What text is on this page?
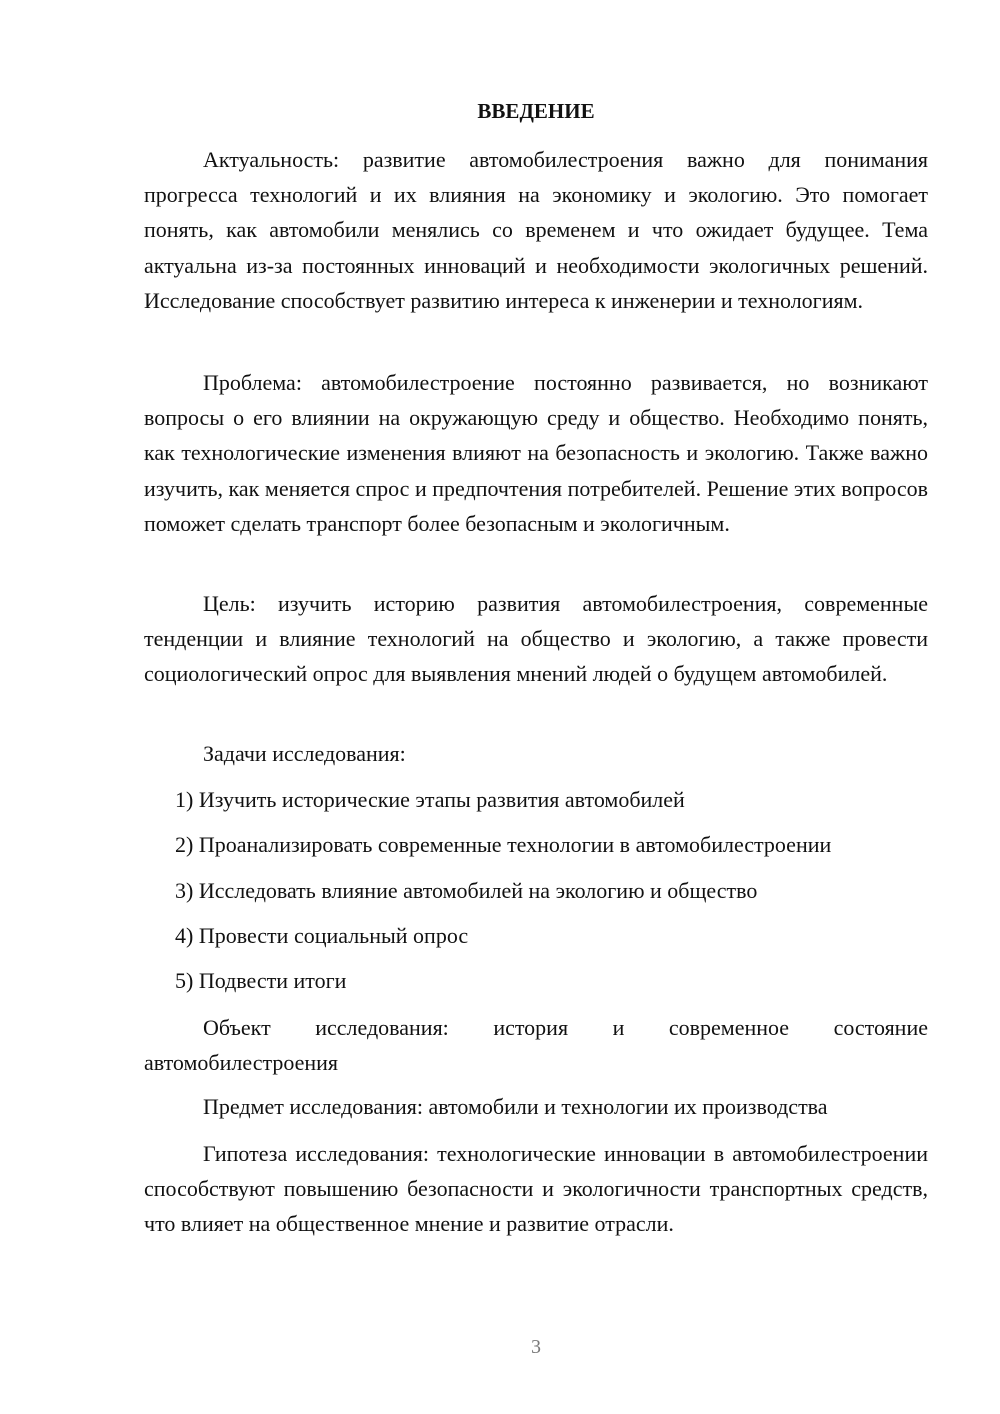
ВВЕДЕНИЕ

Актуальность: развитие автомобилестроения важно для понимания прогресса технологий и их влияния на экономику и экологию. Это помогает понять, как автомобили менялись со временем и что ожидает будущее. Тема актуальна из-за постоянных инноваций и необходимости экологичных решений. Исследование способствует развитию интереса к инженерии и технологиям.

Проблема: автомобилестроение постоянно развивается, но возникают вопросы о его влиянии на окружающую среду и общество. Необходимо понять, как технологические изменения влияют на безопасность и экологию. Также важно изучить, как меняется спрос и предпочтения потребителей. Решение этих вопросов поможет сделать транспорт более безопасным и экологичным.

Цель: изучить историю развития автомобилестроения, современные тенденции и влияние технологий на общество и экологию, а также провести социологический опрос для выявления мнений людей о будущем автомобилей.

Задачи исследования:

1) Изучить исторические этапы развития автомобилей

2) Проанализировать современные технологии в автомобилестроении

3) Исследовать влияние автомобилей на экологию и общество

4) Провести социальный опрос

5) Подвести итоги

Объект исследования: история и современное состояние автомобилестроения

Предмет исследования: автомобили и технологии их производства

Гипотеза исследования: технологические инновации в автомобилестроении способствуют повышению безопасности и экологичности транспортных средств, что влияет на общественное мнение и развитие отрасли.

3
